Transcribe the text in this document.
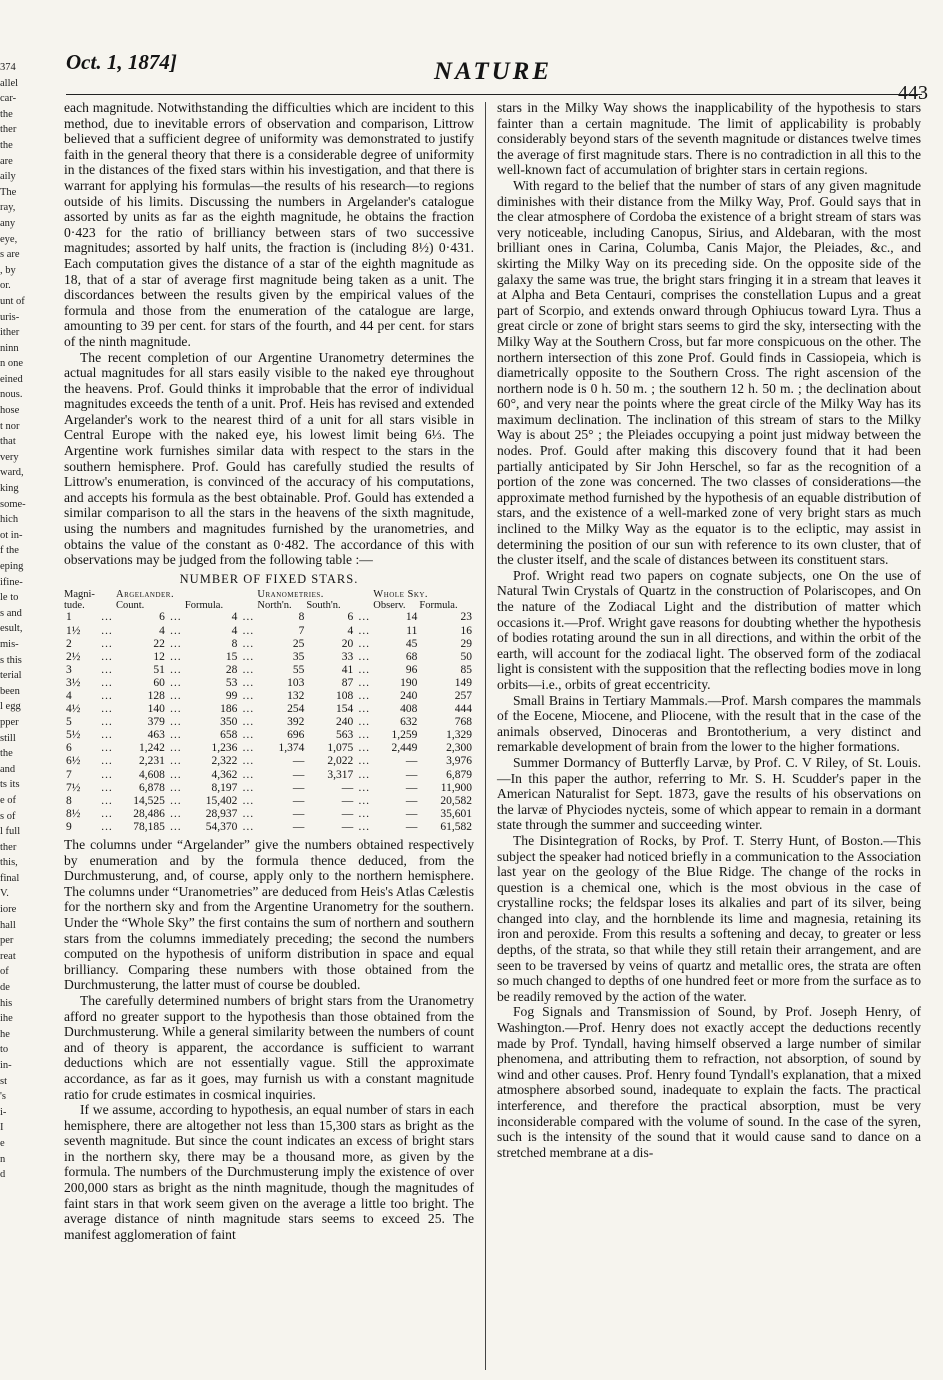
374
allel
car-
the
ther
the
are
aily
The
ray,
any
eye,
s are
, by
or.
unt of
uris-
ither
ninn
n one
eined
nous.
hose
t nor
that
very
ward,
king
some-
hich
ot in-
f the
eping
ifine-
le to
s and
esult,
mis-
s this
terial
been
l egg
pper
still
the
and
ts its
e of
s of
l full
ther
this,
final
V.
iore
hall
per
reat
of
de
his
ihe
he
to
in-
st
's
i-
I
e
n
d
Oct. 1, 1874]	NATURE
443

each magnitude. Notwithstanding the difficulties which are incident to this method, due to inevitable errors of observation and comparison, Littrow believed that a sufficient degree of uniformity was demonstrated to justify faith in the general theory that there is a considerable degree of uniformity in the distances of the fixed stars within his investigation, and that there is warrant for applying his formulas—the results of his research—to regions outside of his limits. Discussing the numbers in Argelander's catalogue assorted by units as far as the eighth magnitude, he obtains the fraction 0·423 for the ratio of brilliancy between stars of two successive magnitudes; assorted by half units, the fraction is (including 8½) 0·431. Each computation gives the distance of a star of the eighth magnitude as 18, that of a star of average first magnitude being taken as a unit. The discordances between the results given by the empirical values of the formula and those from the enumeration of the catalogue are large, amounting to 39 per cent. for stars of the fourth, and 44 per cent. for stars of the ninth magnitude.

The recent completion of our Argentine Uranometry determines the actual magnitudes for all stars easily visible to the naked eye throughout the heavens. Prof. Gould thinks it improbable that the error of individual magnitudes exceeds the tenth of a unit. Prof. Heis has revised and extended Argelander's work to the nearest third of a unit for all stars visible in Central Europe with the naked eye, his lowest limit being 6⅓. The Argentine work furnishes similar data with respect to the stars in the southern hemisphere. Prof. Gould has carefully studied the results of Littrow's enumeration, is convinced of the accuracy of his computations, and accepts his formula as the best obtainable. Prof. Gould has extended a similar comparison to all the stars in the heavens of the sixth magnitude, using the numbers and magnitudes furnished by the uranometries, and obtains the value of the constant as 0·482. The accordance of this with observations may be judged from the following table :—

NUMBER OF FIXED STARS.
Magni-tude.		Argelander.				Uranometries.			Whole Sky.	
		Count.		Formula.		North'n.	South'n.		Observ.	Formula.
1	…	6	…	4	…	8	6	…	14	23
1½	…	4	…	4	…	7	4	…	11	16
2	…	22	…	8	…	25	20	…	45	29
2½	…	12	…	15	…	35	33	…	68	50
3	…	51	…	28	…	55	41	…	96	85
3½	…	60	…	53	…	103	87	…	190	149
4	…	128	…	99	…	132	108	…	240	257
4½	…	140	…	186	…	254	154	…	408	444
5	…	379	…	350	…	392	240	…	632	768
5½	…	463	…	658	…	696	563	…	1,259	1,329
6	…	1,242	…	1,236	…	1,374	1,075	…	2,449	2,300
6½	…	2,231	…	2,322	…	—	2,022	…	—	3,976
7	…	4,608	…	4,362	…	—	3,317	…	—	6,879
7½	…	6,878	…	8,197	…	—	—	…	—	11,900
8	…	14,525	…	15,402	…	—	—	…	—	20,582
8½	…	28,486	…	28,937	…	—	—	…	—	35,601
9	…	78,185	…	54,370	…	—	—	…	—	61,582

The columns under “Argelander” give the numbers obtained respectively by enumeration and by the formula thence deduced, from the Durchmusterung, and, of course, apply only to the northern hemisphere. The columns under “Uranometries” are deduced from Heis's Atlas Cælestis for the northern sky and from the Argentine Uranometry for the southern. Under the “Whole Sky” the first contains the sum of northern and southern stars from the columns immediately preceding; the second the numbers computed on the hypothesis of uniform distribution in space and equal brilliancy. Comparing these numbers with those obtained from the Durchmusterung, the latter must of course be doubled.

The carefully determined numbers of bright stars from the Uranometry afford no greater support to the hypothesis than those obtained from the Durchmusterung. While a general similarity between the numbers of count and of theory is apparent, the accordance is sufficient to warrant deductions which are not essentially vague. Still the approximate accordance, as far as it goes, may furnish us with a constant magnitude ratio for crude estimates in cosmical inquiries.

If we assume, according to hypothesis, an equal number of stars in each hemisphere, there are altogether not less than 15,300 stars as bright as the seventh magnitude. But since the count indicates an excess of bright stars in the northern sky, there may be a thousand more, as given by the formula. The numbers of the Durchmusterung imply the existence of over 200,000 stars as bright as the ninth magnitude, though the magnitudes of faint stars in that work seem given on the average a little too bright. The average distance of ninth magnitude stars seems to exceed 25. The manifest agglomeration of faint

stars in the Milky Way shows the inapplicability of the hypothesis to stars fainter than a certain magnitude. The limit of applicability is probably considerably beyond stars of the seventh magnitude or distances twelve times the average of first magnitude stars. There is no contradiction in all this to the well-known fact of accumulation of brighter stars in certain regions.

With regard to the belief that the number of stars of any given magnitude diminishes with their distance from the Milky Way, Prof. Gould says that in the clear atmosphere of Cordoba the existence of a bright stream of stars was very noticeable, including Canopus, Sirius, and Aldebaran, with the most brilliant ones in Carina, Columba, Canis Major, the Pleiades, &c., and skirting the Milky Way on its preceding side. On the opposite side of the galaxy the same was true, the bright stars fringing it in a stream that leaves it at Alpha and Beta Centauri, comprises the constellation Lupus and a great part of Scorpio, and extends onward through Ophiucus toward Lyra. Thus a great circle or zone of bright stars seems to gird the sky, intersecting with the Milky Way at the Southern Cross, but far more conspicuous on the other. The northern intersection of this zone Prof. Gould finds in Cassiopeia, which is diametrically opposite to the Southern Cross. The right ascension of the northern node is 0 h. 50 m. ; the southern 12 h. 50 m. ; the declination about 60°, and very near the points where the great circle of the Milky Way has its maximum declination. The inclination of this stream of stars to the Milky Way is about 25° ; the Pleiades occupying a point just midway between the nodes. Prof. Gould after making this discovery found that it had been partially anticipated by Sir John Herschel, so far as the recognition of a portion of the zone was concerned. The two classes of considerations—the approximate method furnished by the hypothesis of an equable distribution of stars, and the existence of a well-marked zone of very bright stars as much inclined to the Milky Way as the equator is to the ecliptic, may assist in determining the position of our sun with reference to its own cluster, that of the cluster itself, and the scale of distances between its constituent stars.

Prof. Wright read two papers on cognate subjects, one On the use of Natural Twin Crystals of Quartz in the construction of Polariscopes, and On the nature of the Zodiacal Light and the distribution of matter which occasions it.—Prof. Wright gave reasons for doubting whether the hypothesis of bodies rotating around the sun in all directions, and within the orbit of the earth, will account for the zodiacal light. The observed form of the zodiacal light is consistent with the supposition that the reflecting bodies move in long orbits—i.e., orbits of great eccentricity.

Small Brains in Tertiary Mammals.—Prof. Marsh compares the mammals of the Eocene, Miocene, and Pliocene, with the result that in the case of the animals observed, Dinoceras and Brontotherium, a very distinct and remarkable development of brain from the lower to the higher formations.

Summer Dormancy of Butterfly Larvæ, by Prof. C. V Riley, of St. Louis.—In this paper the author, referring to Mr. S. H. Scudder's paper in the American Naturalist for Sept. 1873, gave the results of his observations on the larvæ of Phyciodes nycteis, some of which appear to remain in a dormant state through the summer and succeeding winter.

The Disintegration of Rocks, by Prof. T. Sterry Hunt, of Boston.—This subject the speaker had noticed briefly in a communication to the Association last year on the geology of the Blue Ridge. The change of the rocks in question is a chemical one, which is the most obvious in the case of crystalline rocks; the feldspar loses its alkalies and part of its silver, being changed into clay, and the hornblende its lime and magnesia, retaining its iron and peroxide. From this results a softening and decay, to greater or less depths, of the strata, so that while they still retain their arrangement, and are seen to be traversed by veins of quartz and metallic ores, the strata are often so much changed to depths of one hundred feet or more from the surface as to be readily removed by the action of the water.

Fog Signals and Transmission of Sound, by Prof. Joseph Henry, of Washington.—Prof. Henry does not exactly accept the deductions recently made by Prof. Tyndall, having himself observed a large number of similar phenomena, and attributing them to refraction, not absorption, of sound by wind and other causes. Prof. Henry found Tyndall's explanation, that a mixed atmosphere absorbed sound, inadequate to explain the facts. The practical interference, and therefore the practical absorption, must be very inconsiderable compared with the volume of sound. In the case of the syren, such is the intensity of the sound that it would cause sand to dance on a stretched membrane at a dis-
